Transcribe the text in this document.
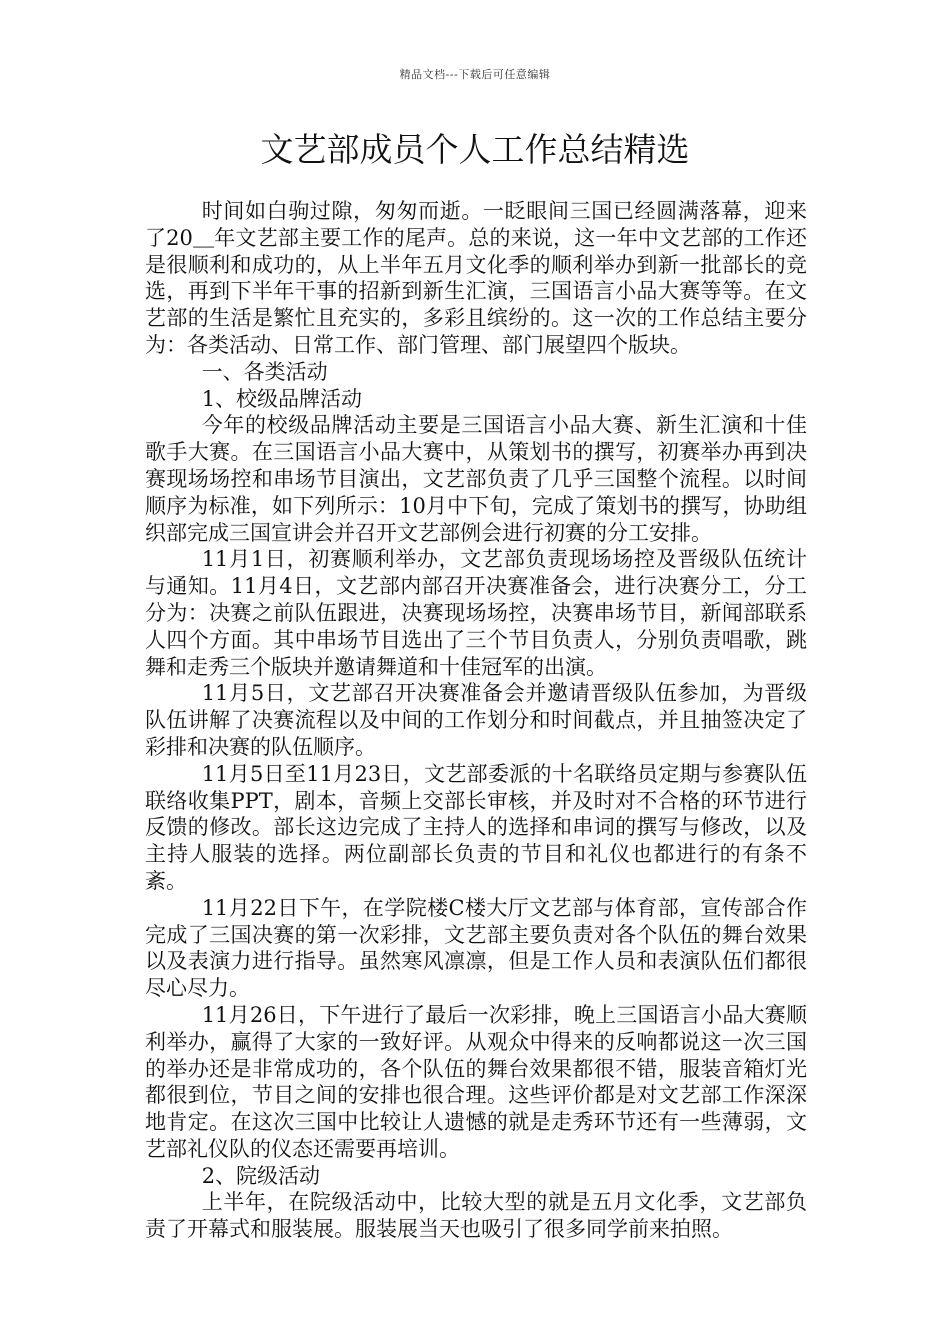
精品文档---下载后可任意编辑
文艺部成员个人工作总结精选

时间如白驹过隙，匆匆而逝。一眨眼间三国已经圆满落幕，迎来了20＿年文艺部主要工作的尾声。总的来说，这一年中文艺部的工作还是很顺利和成功的，从上半年五月文化季的顺利举办到新一批部长的竞选，再到下半年干事的招新到新生汇演，三国语言小品大赛等等。在文艺部的生活是繁忙且充实的，多彩且缤纷的。这一次的工作总结主要分为：各类活动、日常工作、部门管理、部门展望四个版块。

一、各类活动

1、校级品牌活动

今年的校级品牌活动主要是三国语言小品大赛、新生汇演和十佳歌手大赛。在三国语言小品大赛中，从策划书的撰写，初赛举办再到决赛现场场控和串场节目演出，文艺部负责了几乎三国整个流程。以时间顺序为标准，如下列所示：10月中下旬，完成了策划书的撰写，协助组织部完成三国宣讲会并召开文艺部例会进行初赛的分工安排。

11月1日，初赛顺利举办，文艺部负责现场场控及晋级队伍统计与通知。11月4日，文艺部内部召开决赛准备会，进行决赛分工，分工分为：决赛之前队伍跟进，决赛现场场控，决赛串场节目，新闻部联系人四个方面。其中串场节目选出了三个节目负责人，分别负责唱歌，跳舞和走秀三个版块并邀请舞道和十佳冠军的出演。

11月5日，文艺部召开决赛准备会并邀请晋级队伍参加，为晋级队伍讲解了决赛流程以及中间的工作划分和时间截点，并且抽签决定了彩排和决赛的队伍顺序。

11月5日至11月23日，文艺部委派的十名联络员定期与参赛队伍联络收集PPT，剧本，音频上交部长审核，并及时对不合格的环节进行反馈的修改。部长这边完成了主持人的选择和串词的撰写与修改，以及主持人服装的选择。两位副部长负责的节目和礼仪也都进行的有条不紊。

11月22日下午，在学院楼C楼大厅文艺部与体育部，宣传部合作完成了三国决赛的第一次彩排，文艺部主要负责对各个队伍的舞台效果以及表演力进行指导。虽然寒风凛凛，但是工作人员和表演队伍们都很尽心尽力。

11月26日，下午进行了最后一次彩排，晚上三国语言小品大赛顺利举办，赢得了大家的一致好评。从观众中得来的反响都说这一次三国的举办还是非常成功的，各个队伍的舞台效果都很不错，服装音箱灯光都很到位，节目之间的安排也很合理。这些评价都是对文艺部工作深深地肯定。在这次三国中比较让人遗憾的就是走秀环节还有一些薄弱，文艺部礼仪队的仪态还需要再培训。

2、院级活动

上半年，在院级活动中，比较大型的就是五月文化季，文艺部负责了开幕式和服装展。服装展当天也吸引了很多同学前来拍照。
